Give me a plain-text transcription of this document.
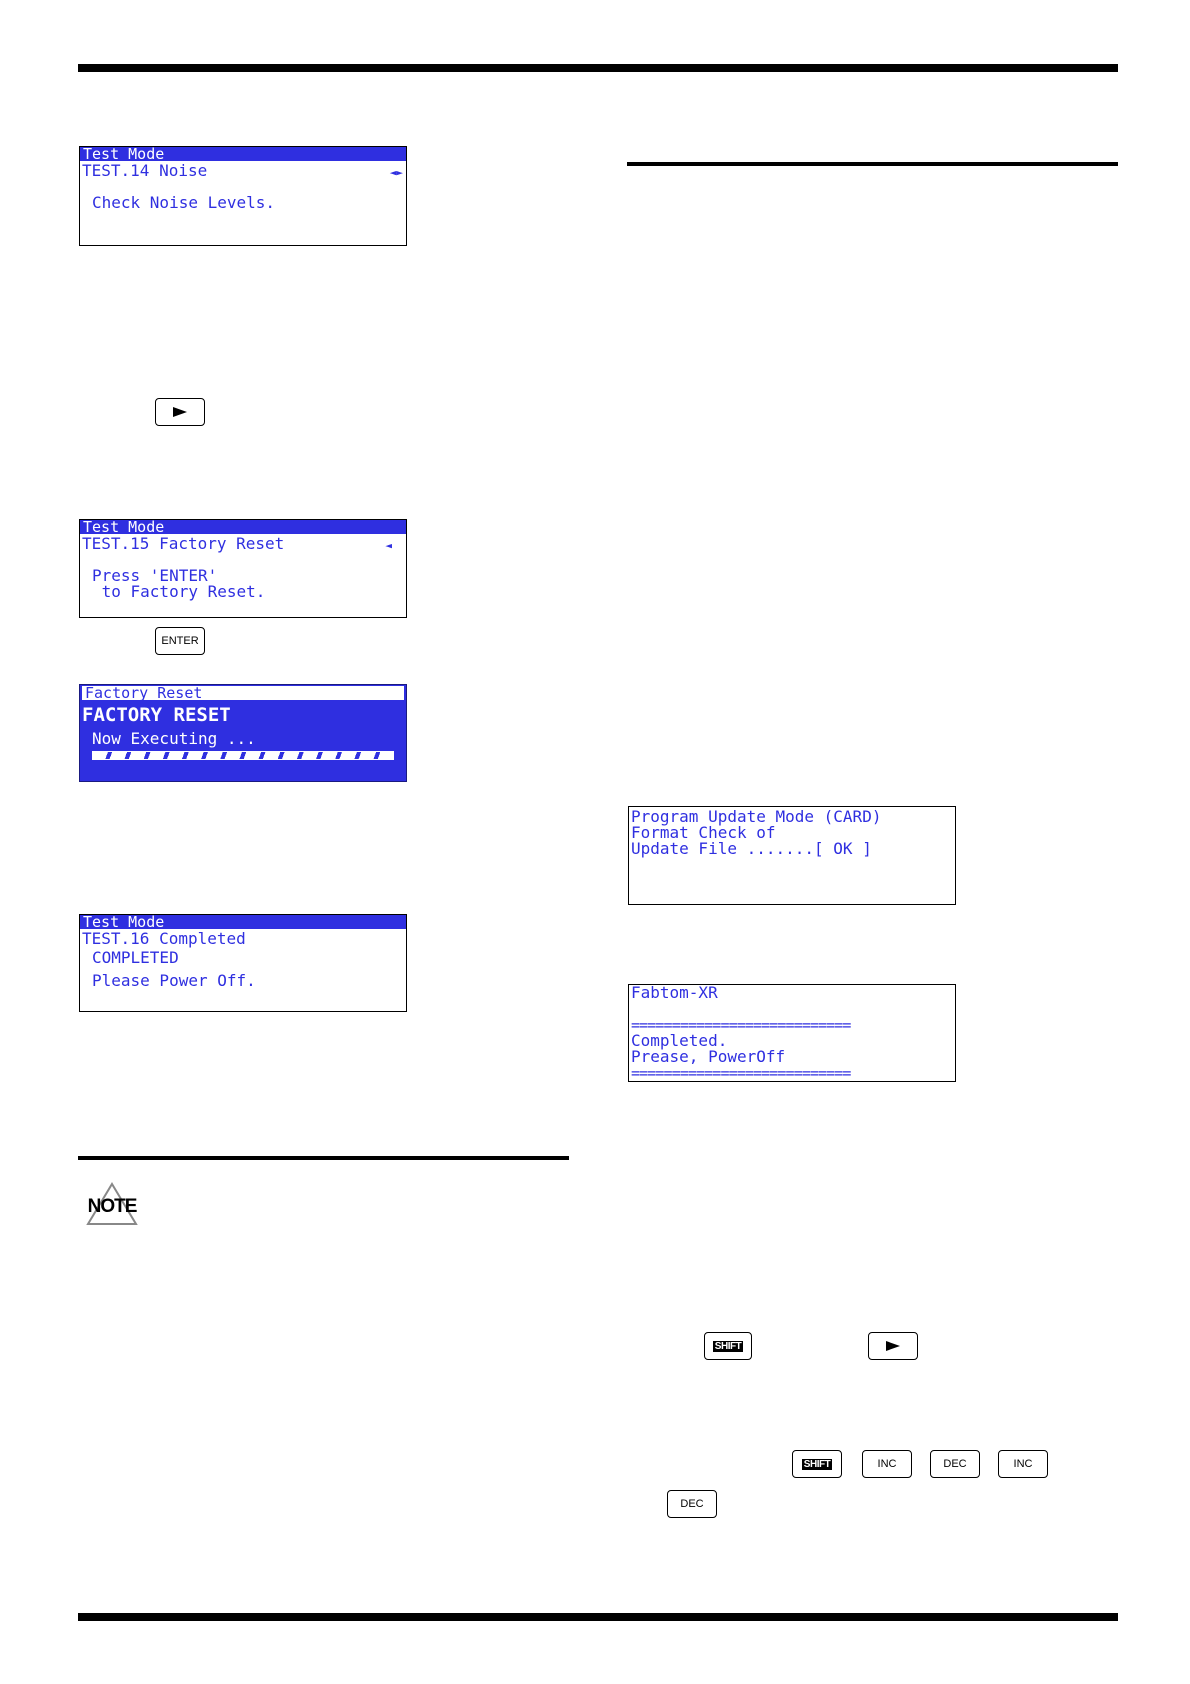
Test Mode
TEST.14 Noise	◄►
Check Noise Levels.
Test Mode
TEST.15 Factory Reset	◄
Press 'ENTER'
to Factory Reset.
ENTER
Factory Reset
FACTORY RESET
Now Executing ...
Test Mode
TEST.16 Completed
COMPLETED
Please Power Off.
NOTE
Program Update Mode (CARD)
Format Check of
Update File .......[ OK ]
Fabtom-XR
===========================
Completed.
Prease, PowerOff
===========================
SHIFT
SHIFT	INC	DEC	INC
DEC
